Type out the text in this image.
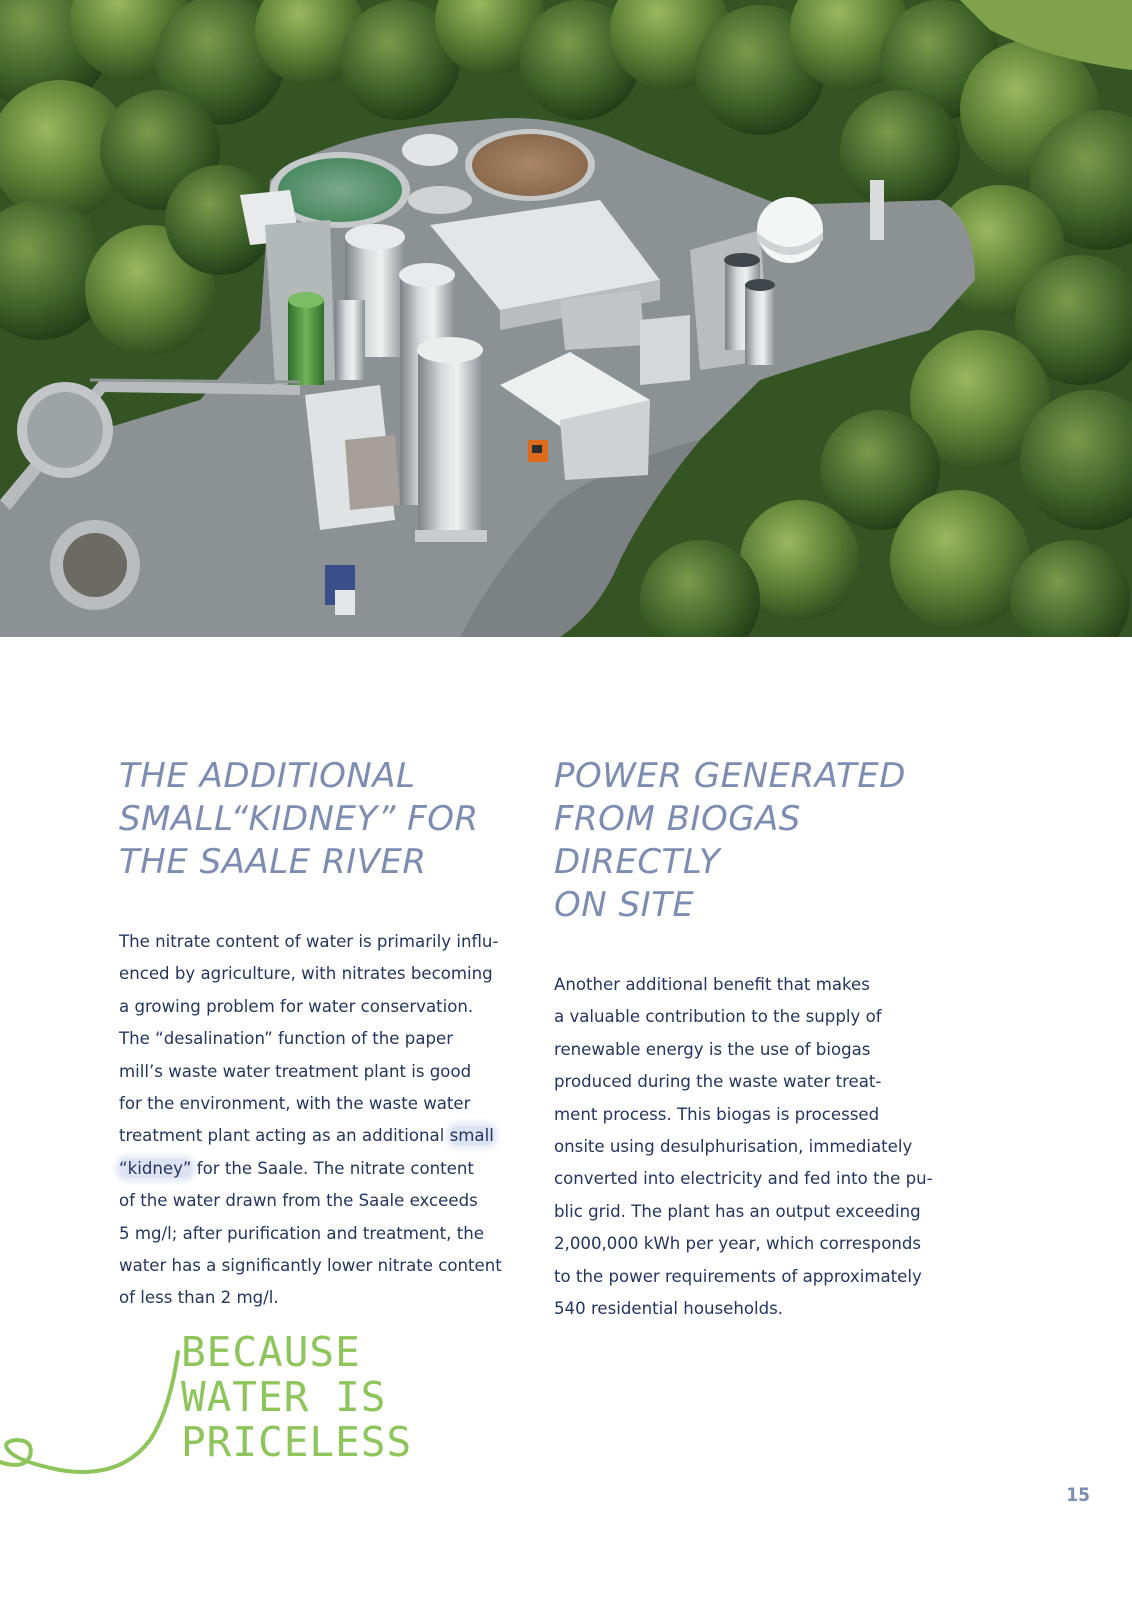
THE ADDITIONAL
SMALL“KIDNEY” FOR
THE SAALE RIVER
The nitrate content of water is primarily influ-
enced by agriculture, with nitrates becoming
a growing problem for water conservation.
The “desalination” function of the paper
mill’s waste water treatment plant is good
for the environment, with the waste water
treatment plant acting as an additional small
“kidney” for the Saale. The nitrate content
of the water drawn from the Saale exceeds
5 mg/l; after purification and treatment, the
water has a significantly lower nitrate content
of less than 2 mg/l.
POWER GENERATED
FROM BIOGAS DIRECTLY
ON SITE
Another additional benefit that makes
a valuable contribution to the supply of
renewable energy is the use of biogas
produced during the waste water treat-
ment process. This biogas is processed
onsite using desulphurisation, immediately
converted into electricity and fed into the pu-
blic grid. The plant has an output exceeding
2,000,000 kWh per year, which corresponds
to the power requirements of approximately
540 residential households.
BECAUSE
WATER IS
PRICELESS
15
